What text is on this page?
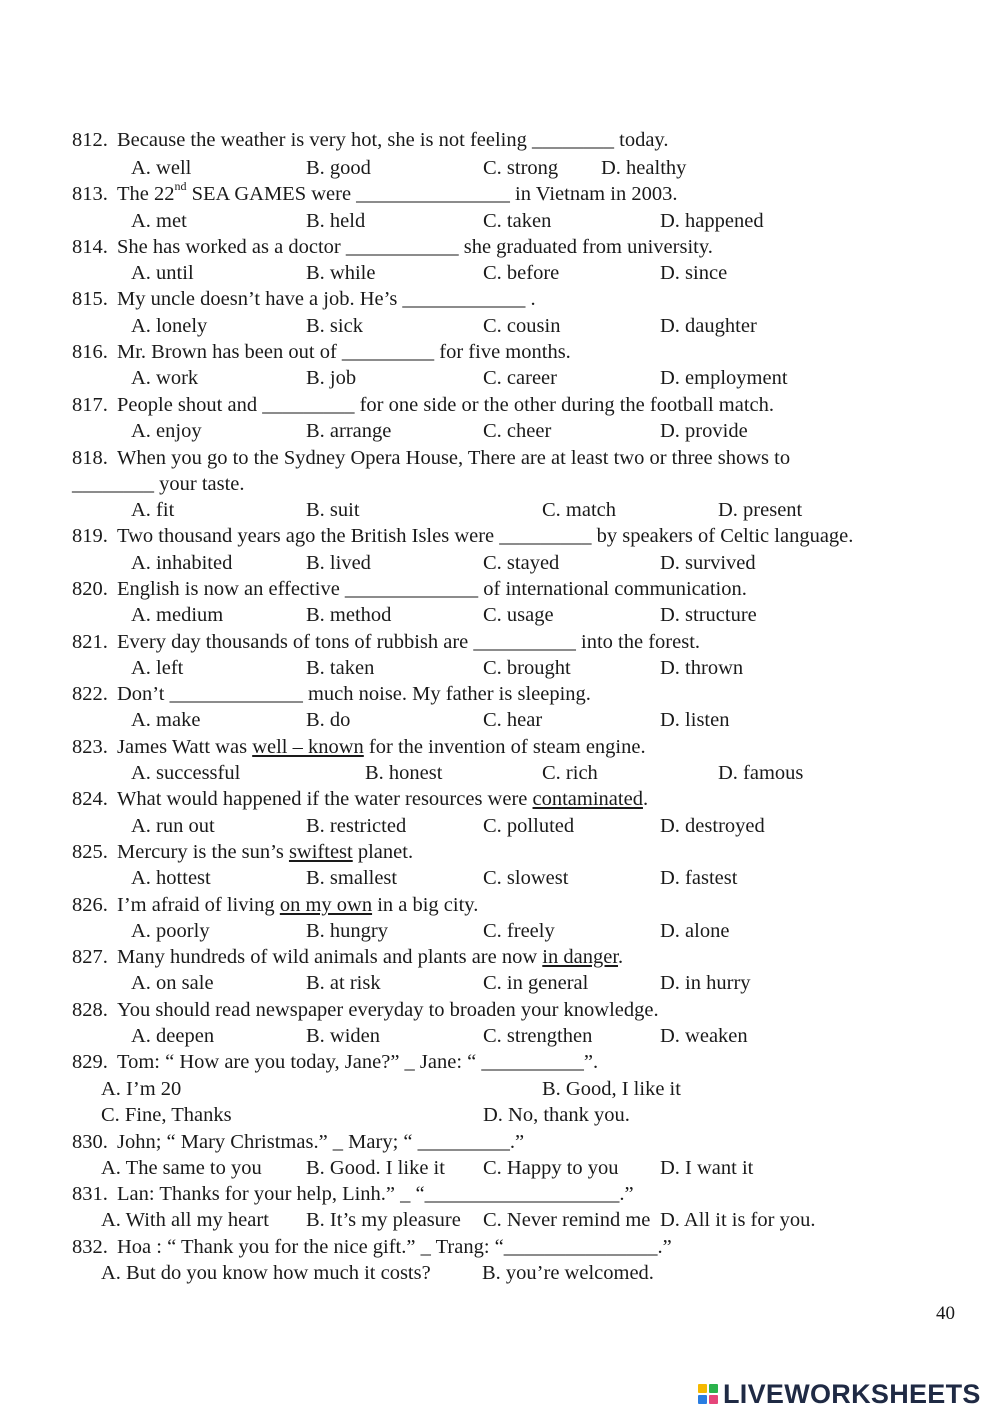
812. Because the weather is very hot, she is not feeling ________ today.
A. well	B. good	C. strong D. healthy
813. The 22nd SEA GAMES were _______________ in Vietnam in 2003.
A. met	B. held	C. taken	D. happened
814. She has worked as a doctor ___________ she graduated from university.
A. until	B. while	C. before	D. since
815. My uncle doesn’t have a job. He’s ____________ .
A. lonely	B. sick	C. cousin	D. daughter
816. Mr. Brown has been out of _________ for five months.
A. work	B. job	C. career	D. employment
817. People shout and _________ for one side or the other during the football match.
A. enjoy	B. arrange	C. cheer	D. provide
818. When you go to the Sydney Opera House, There are at least two or three shows to
________ your taste.
A. fit	B. suit	C. match	D. present
819. Two thousand years ago the British Isles were _________ by speakers of Celtic language.
A. inhabited	B. lived	C. stayed	D. survived
820. English is now an effective _____________ of international communication.
A. medium	B. method	C. usage	D. structure
821. Every day thousands of tons of rubbish are __________ into the forest.
A. left	B. taken	C. brought	D. thrown
822. Don’t _____________ much noise. My father is sleeping.
A. make	B. do	C. hear	D. listen
823. James Watt was well – known for the invention of steam engine.
A. successful	B. honest	C. rich	D. famous
824. What would happened if the water resources were contaminated.
A. run out	B. restricted	C. polluted	D. destroyed
825. Mercury is the sun’s swiftest planet.
A. hottest	B. smallest	C. slowest	D. fastest
826. I’m afraid of living on my own in a big city.
A. poorly	B. hungry	C. freely	D. alone
827. Many hundreds of wild animals and plants are now in danger.
A. on sale	B. at risk	C. in general	D. in hurry
828. You should read newspaper everyday to broaden your knowledge.
A. deepen	B. widen	C. strengthen	D. weaken
829. Tom: “ How are you today, Jane?” _ Jane: “ __________”.
A. I’m 20	B. Good, I like it
C. Fine, Thanks	D. No, thank you.
830. John; “ Mary Christmas.” _ Mary; “ _________.”
A. The same to you B. Good. I like it C. Happy to you D. I want it
831. Lan: Thanks for your help, Linh.” _ “___________________.”
A. With all my heart B. It’s my pleasure C. Never remind me D. All it is for you.
832. Hoa : “ Thank you for the nice gift.” _ Trang: “_______________.”
A. But do you know how much it costs?	B. you’re welcomed.
40
LIVEWORKSHEETS
